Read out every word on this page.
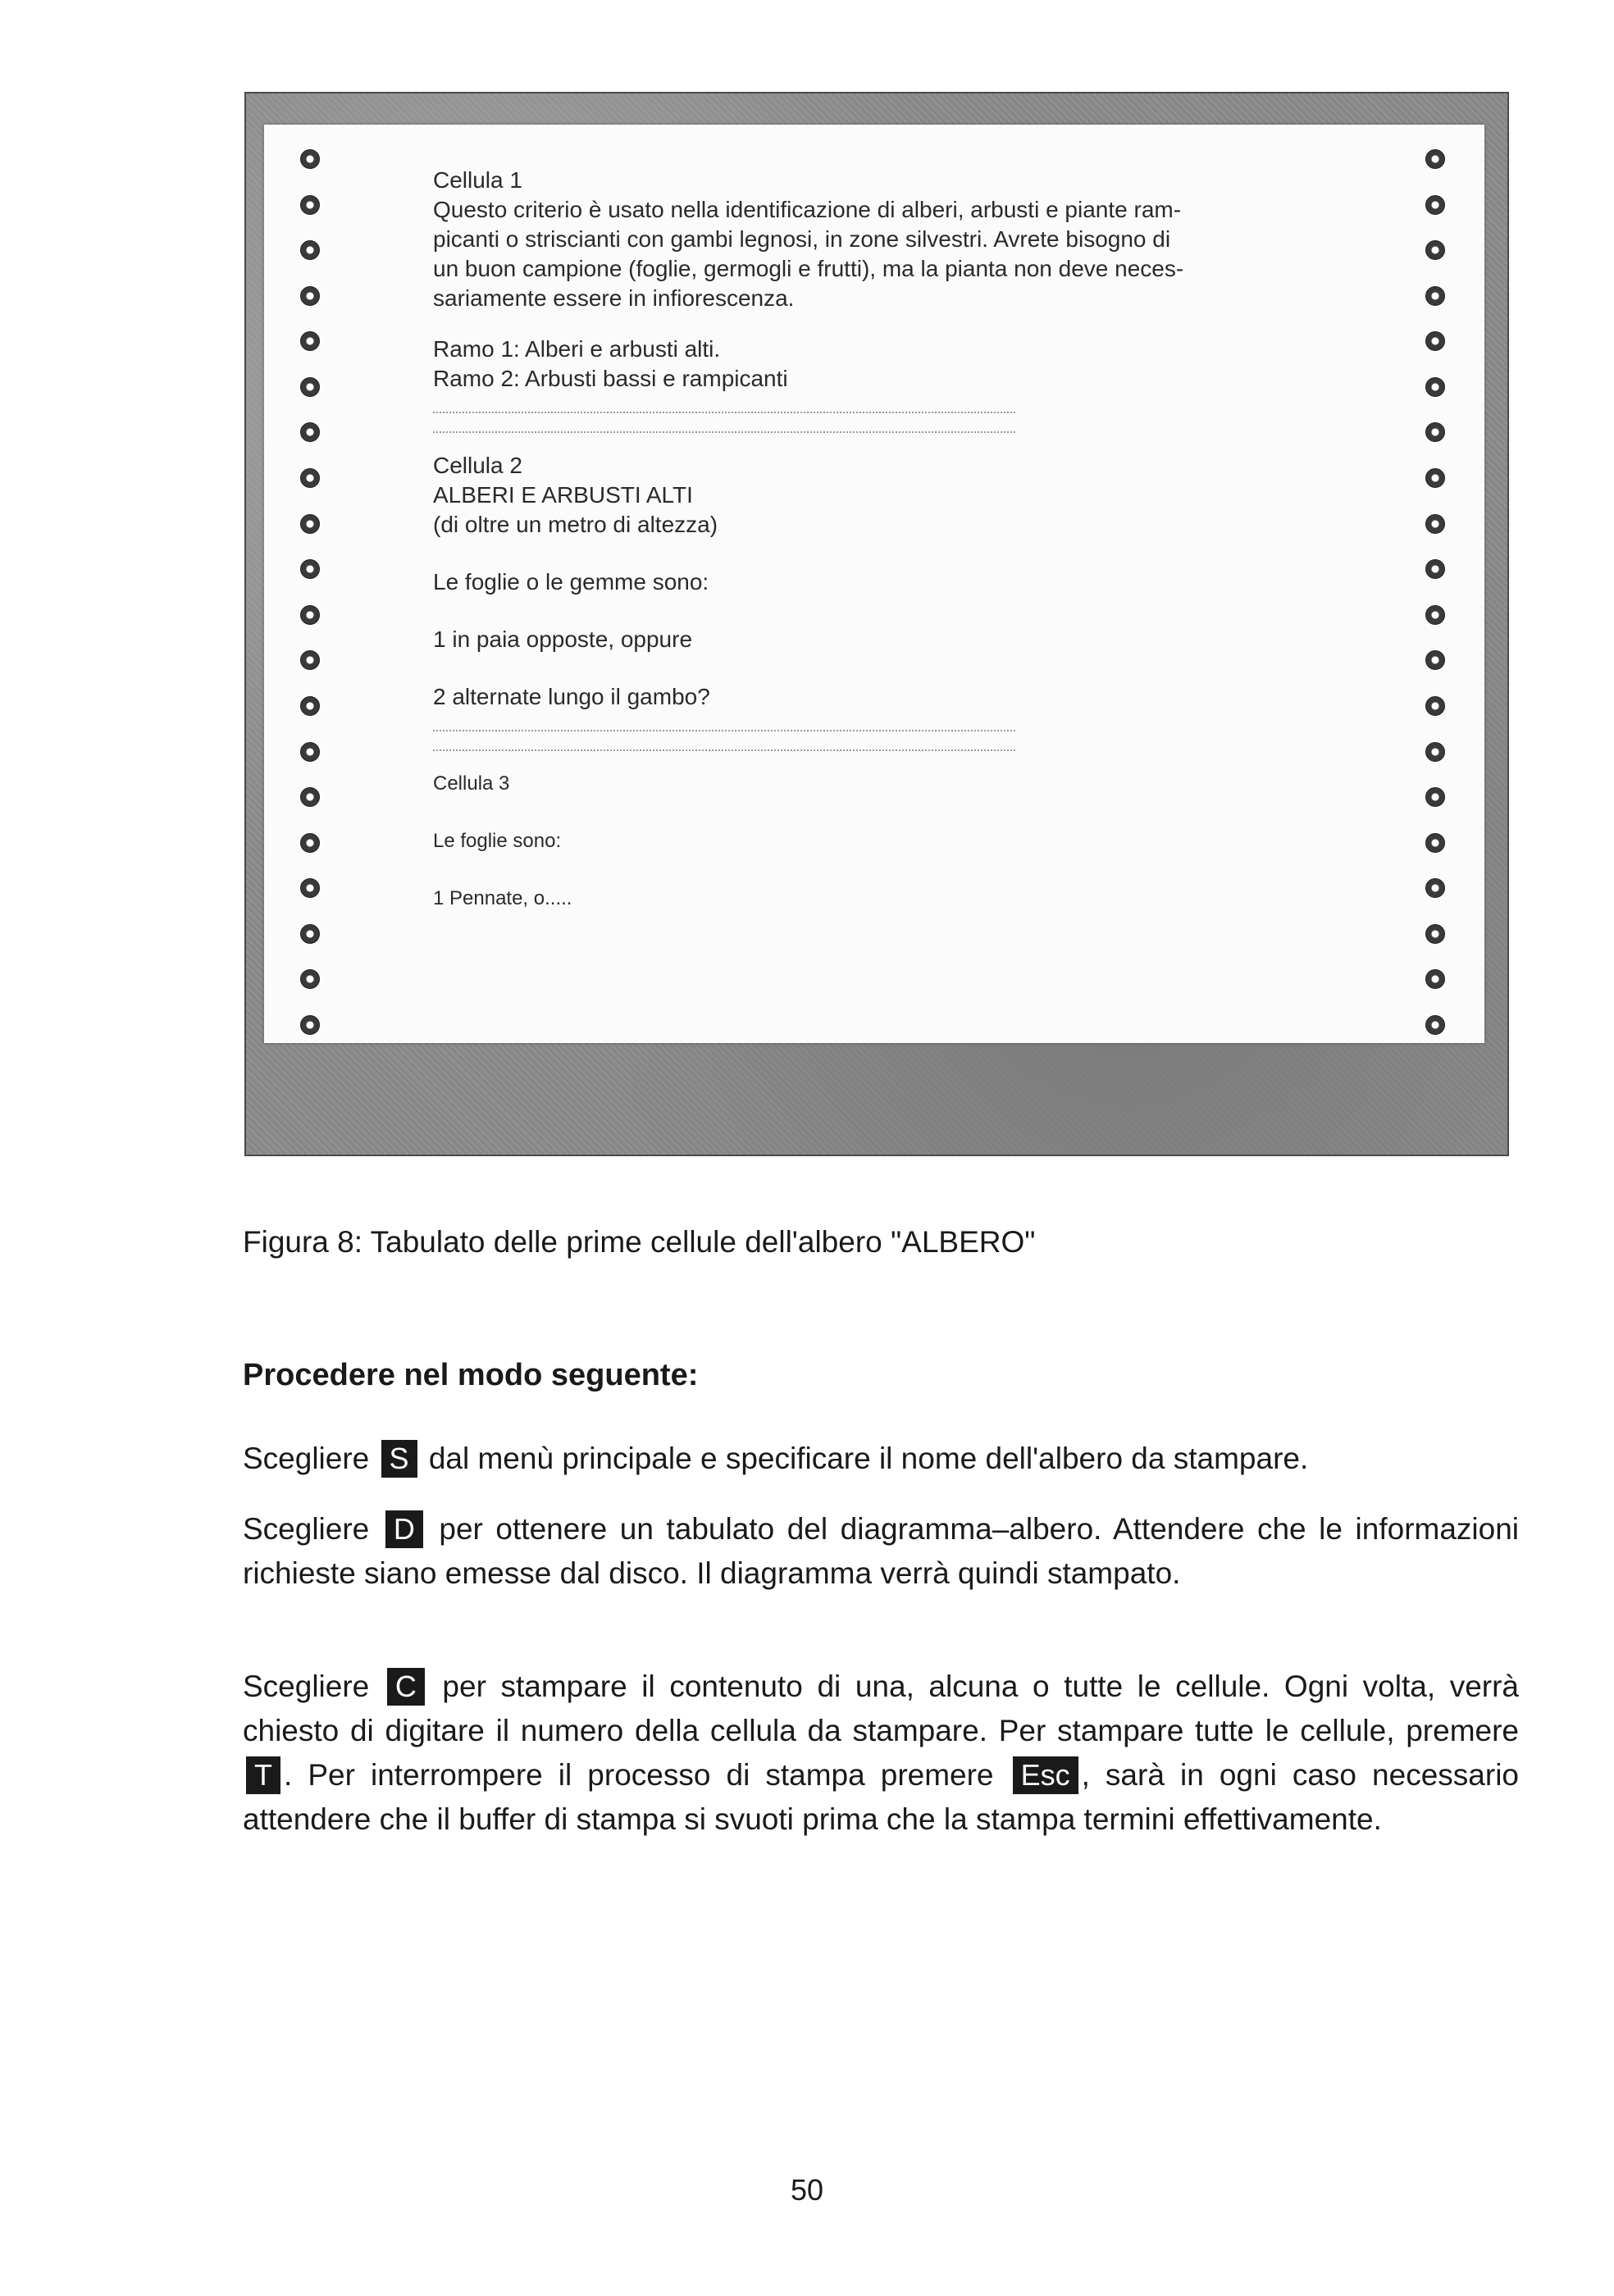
Cellula 1

Questo criterio è usato nella identificazione di alberi, arbusti e piante ram-

picanti o striscianti con gambi legnosi, in zone silvestri. Avrete bisogno di

un buon campione (foglie, germogli e frutti), ma la pianta non deve neces-

sariamente essere in infiorescenza.

Ramo 1: Alberi e arbusti alti.

Ramo 2: Arbusti bassi e rampicanti

Cellula 2

ALBERI E ARBUSTI ALTI

(di oltre un metro di altezza)

Le foglie o le gemme sono:

1 in paia opposte, oppure

2 alternate lungo il gambo?

Cellula 3

Le foglie sono:

1 Pennate, o.....

Figura 8: Tabulato delle prime cellule dell'albero "ALBERO"

Procedere nel modo seguente:

Scegliere S dal menù principale e specificare il nome dell'albero da stampare.

Scegliere D per ottenere un tabulato del diagramma–albero. Attendere che le informazioni richieste siano emesse dal disco. Il diagramma verrà quindi stampato.

Scegliere C per stampare il contenuto di una, alcuna o tutte le cellule. Ogni volta, verrà chiesto di digitare il numero della cellula da stampare. Per stampare tutte le cellule, premere T . Per interrompere il processo di stampa premere Esc , sarà in ogni caso necessario attendere che il buffer di stampa si svuoti prima che la stampa termini effettivamente.

50
